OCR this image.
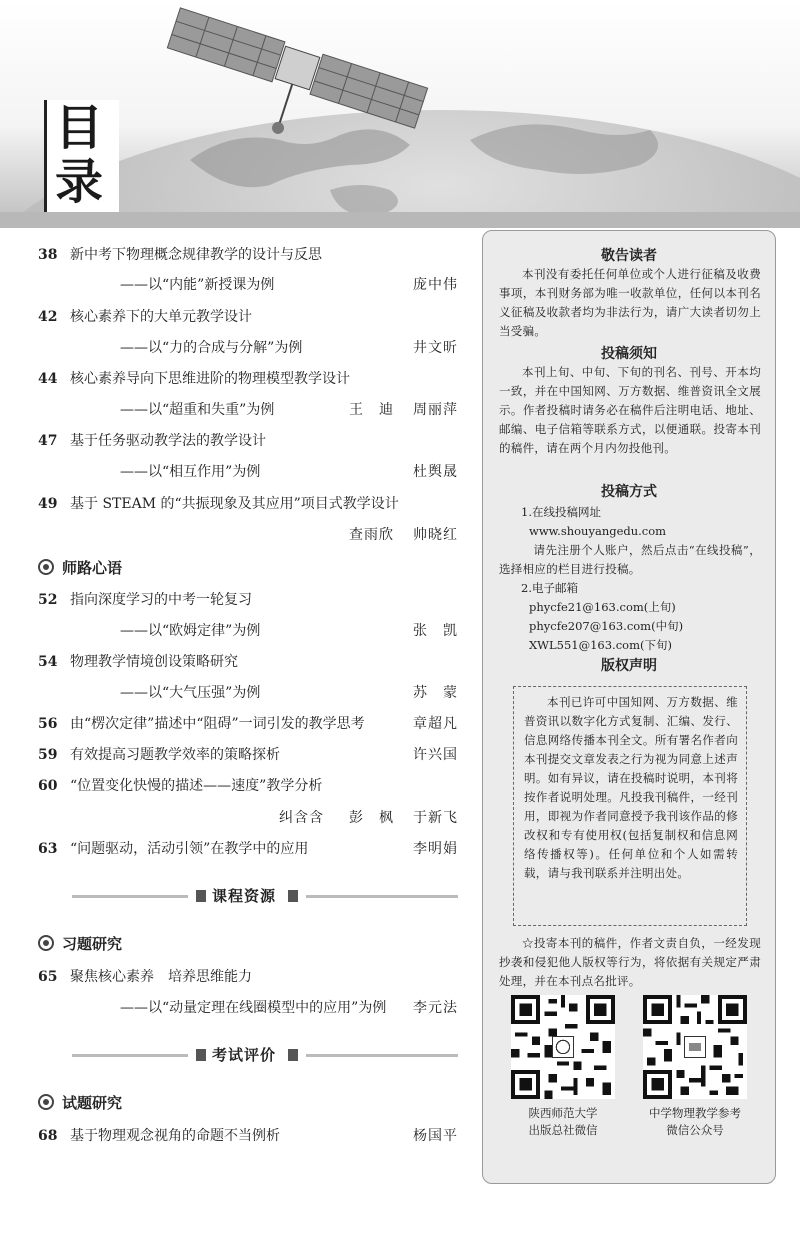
目
录
38 新中考下物理概念规律教学的设计与反思
——以“内能”新授课为例	庞中伟
42 核心素养下的大单元教学设计
——以“力的合成与分解”为例	井文昕
44 核心素养导向下思维进阶的物理模型教学设计
——以“超重和失重”为例	王　迪 周丽萍
47 基于任务驱动教学法的教学设计
——以“相互作用”为例	杜舆晟
49 基于 STEAM 的“共振现象及其应用”项目式教学设计
查雨欣 帅晓红
师路心语
52 指向深度学习的中考一轮复习
——以“欧姆定律”为例	张　凯
54 物理教学情境创设策略研究
——以“大气压强”为例	苏　蒙
56 由“楞次定律”描述中“阻碍”一词引发的教学思考	章超凡
59 有效提高习题教学效率的策略探析	许兴国
60 “位置变化快慢的描述——速度”教学分析
纠含含 彭　枫 于新飞
63 “问题驱动，活动引领”在教学中的应用	李明娟
课程资源
习题研究
65 聚焦核心素养　培养思维能力
——以“动量定理在线圈模型中的应用”为例 李元法
考试评价
试题研究
68 基于物理观念视角的命题不当例析	杨国平
敬告读者
本刊没有委托任何单位或个人进行征稿及收费事项，本刊财务部为唯一收款单位，任何以本刊名义征稿及收款者均为非法行为，请广大读者切勿上当受骗。
投稿须知
本刊上旬、中旬、下旬的刊名、刊号、开本均一致，并在中国知网、万方数据、维普资讯全文展示。作者投稿时请务必在稿件后注明电话、地址、邮编、电子信箱等联系方式，以便通联。投寄本刊的稿件，请在两个月内勿投他刊。
投稿方式
1.在线投稿网址
www.shouyangedu.com
请先注册个人账户，然后点击“在线投稿”，选择相应的栏目进行投稿。
2.电子邮箱
phycfe21@163.com(上旬)
phycfe207@163.com(中旬)
XWL551@163.com(下旬)
版权声明
本刊已许可中国知网、万方数据、维普资讯以数字化方式复制、汇编、发行、信息网络传播本刊全文。所有署名作者向本刊提交文章发表之行为视为同意上述声明。如有异议，请在投稿时说明，本刊将按作者说明处理。凡投我刊稿件，一经刊用，即视为作者同意授予我刊该作品的修改权和专有使用权(包括复制权和信息网络传播权等)。任何单位和个人如需转载，请与我刊联系并注明出处。
☆投寄本刊的稿件，作者文责自负，一经发现抄袭和侵犯他人版权等行为，将依据有关规定严肃处理，并在本刊点名批评。
陕西师范大学
出版总社微信
中学物理教学参考
微信公众号
